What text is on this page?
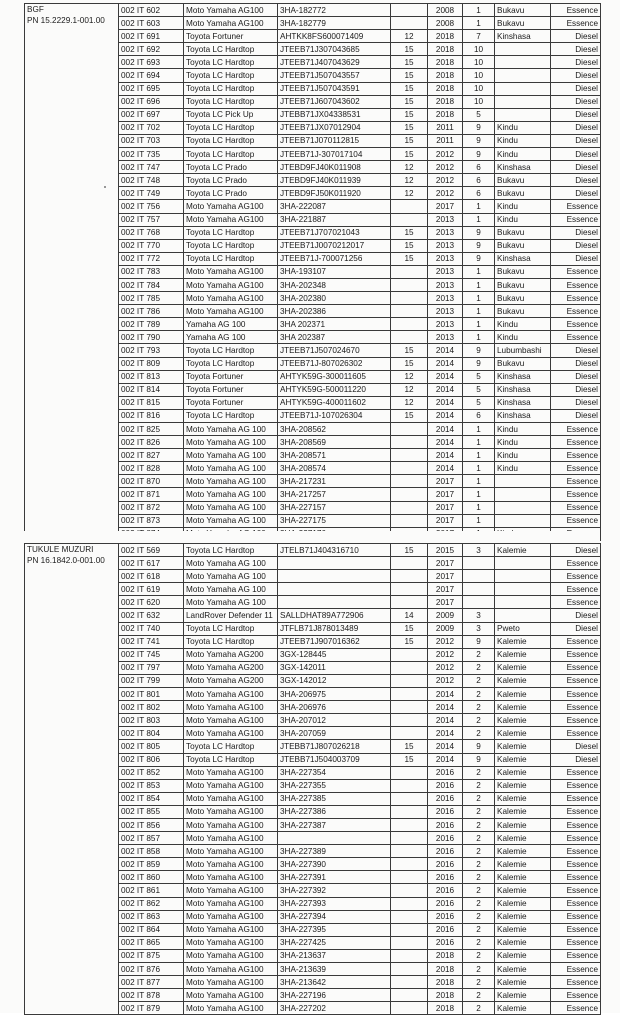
BGF
PN 15.2229.1-001.00	002 IT 602	Moto Yamaha AG100	3HA-182772		2008	1	Bukavu	Essence
	002 IT 603	Moto Yamaha AG100	3HA-182779		2008	1	Bukavu	Essence
	002 IT 691	Toyota Fortuner	AHTKK8FS600071409	12	2018	7	Kinshasa	Diesel
	002 IT 692	Toyota LC Hardtop	JTEEB71J307043685	15	2018	10		Diesel
	002 IT 693	Toyota LC Hardtop	JTEEB71J407043629	15	2018	10		Diesel
	002 IT 694	Toyota LC Hardtop	JTEEB71J507043557	15	2018	10		Diesel
	002 IT 695	Toyota LC Hardtop	JTEEB71J507043591	15	2018	10		Diesel
	002 IT 696	Toyota LC Hardtop	JTEEB71J607043602	15	2018	10		Diesel
	002 IT 697	Toyota LC Pick Up	JTEBB71JX04338531	15	2018	5		Diesel
	002 IT 702	Toyota LC Hardtop	JTEEB71JX07012904	15	2011	9	Kindu	Diesel
	002 IT 703	Toyota LC Hardtop	JTEEB71J070112815	15	2011	9	Kindu	Diesel
	002 IT 735	Toyota LC Hardtop	JTEEB71J-307017104	15	2012	9	Kindu	Diesel
	002 IT 747	Toyota LC Prado	JTEBD9FJ40K011908	12	2012	6	Kinshasa	Diesel
	002 IT 748	Toyota LC Prado	JTEBD9FJ40K011939	12	2012	6	Bukavu	Diesel
	002 IT 749	Toyota LC Prado	JTEBD9FJ50K011920	12	2012	6	Bukavu	Diesel
	002 IT 756	Moto Yamaha AG100	3HA-222087		2017	1	Kindu	Essence
	002 IT 757	Moto Yamaha AG100	3HA-221887		2013	1	Kindu	Essence
	002 IT 768	Toyota LC Hardtop	JTEEB71J707021043	15	2013	9	Bukavu	Diesel
	002 IT 770	Toyota LC Hardtop	JTEEB71J0070212017	15	2013	9	Bukavu	Diesel
	002 IT 772	Toyota LC Hardtop	JTEEB71J-700071256	15	2013	9	Kinshasa	Diesel
	002 IT 783	Moto Yamaha AG100	3HA-193107		2013	1	Bukavu	Essence
	002 IT 784	Moto Yamaha AG100	3HA-202348		2013	1	Bukavu	Essence
	002 IT 785	Moto Yamaha AG100	3HA-202380		2013	1	Bukavu	Essence
	002 IT 786	Moto Yamaha AG100	3HA-202386		2013	1	Bukavu	Essence
	002 IT 789	Yamaha AG 100	3HA 202371		2013	1	Kindu	Essence
	002 IT 790	Yamaha AG 100	3HA 202387		2013	1	Kindu	Essence
	002 IT 793	Toyota LC Hardtop	JTEEB71J507024670	15	2014	9	Lubumbashi	Diesel
	002 IT 809	Toyota LC Hardtop	JTEEB71J-807026302	15	2014	9	Bukavu	Diesel
	002 IT 813	Toyota Fortuner	AHTYK59G-300011605	12	2014	5	Kinshasa	Diesel
	002 IT 814	Toyota Fortuner	AHTYK59G-500011220	12	2014	5	Kinshasa	Diesel
	002 IT 815	Toyota Fortuner	AHTYK59G-400011602	12	2014	5	Kinshasa	Diesel
	002 IT 816	Toyota LC Hardtop	JTEEB71J-107026304	15	2014	6	Kinshasa	Diesel
	002 IT 825	Moto Yamaha AG 100	3HA-208562		2014	1	Kindu	Essence
	002 IT 826	Moto Yamaha AG 100	3HA-208569		2014	1	Kindu	Essence
	002 IT 827	Moto Yamaha AG 100	3HA-208571		2014	1	Kindu	Essence
	002 IT 828	Moto Yamaha AG 100	3HA-208574		2014	1	Kindu	Essence
	002 IT 870	Moto Yamaha AG 100	3HA-217231		2017	1		Essence
	002 IT 871	Moto Yamaha AG 100	3HA-217257		2017	1		Essence
	002 IT 872	Moto Yamaha AG 100	3HA-227157		2017	1		Essence
	002 IT 873	Moto Yamaha AG 100	3HA-227175		2017	1		Essence

TUKULE MUZURI
PN 16.1842.0-001.00	002 IT 569	Toyota LC Hardtop	JTELB71J404316710	15	2015	3	Kalemie	Diesel
	002 IT 617	Moto Yamaha AG 100			2017			Essence
	002 IT 618	Moto Yamaha AG 100			2017			Essence
	002 IT 619	Moto Yamaha AG 100			2017			Essence
	002 IT 620	Moto Yamaha AG 100			2017			Essence
	002 IT 632	LandRover Defender 11	SALLDHAT89A772906	14	2009	3		Diesel
	002 IT 740	Toyota LC Hardtop	JTFLB71J878013489	15	2009	3	Pweto	Diesel
	002 IT 741	Toyota LC Hardtop	JTEEB71J907016362	15	2012	9	Kalemie	Essence
	002 IT 745	Moto Yamaha AG200	3GX-128445		2012	2	Kalemie	Essence
	002 IT 797	Moto Yamaha AG200	3GX-142011		2012	2	Kalemie	Essence
	002 IT 799	Moto Yamaha AG200	3GX-142012		2012	2	Kalemie	Essence
	002 IT 801	Moto Yamaha AG100	3HA-206975		2014	2	Kalemie	Essence
	002 IT 802	Moto Yamaha AG100	3HA-206976		2014	2	Kalemie	Essence
	002 IT 803	Moto Yamaha AG100	3HA-207012		2014	2	Kalemie	Essence
	002 IT 804	Moto Yamaha AG100	3HA-207059		2014	2	Kalemie	Essence
	002 IT 805	Toyota LC Hardtop	JTEBB71J807026218	15	2014	9	Kalemie	Diesel
	002 IT 806	Toyota LC Hardtop	JTEBB71J504003709	15	2014	9	Kalemie	Diesel
	002 IT 852	Moto Yamaha AG100	3HA-227354		2016	2	Kalemie	Essence
	002 IT 853	Moto Yamaha AG100	3HA-227355		2016	2	Kalemie	Essence
	002 IT 854	Moto Yamaha AG100	3HA-227385		2016	2	Kalemie	Essence
	002 IT 855	Moto Yamaha AG100	3HA-227386		2016	2	Kalemie	Essence
	002 IT 856	Moto Yamaha AG100	3HA-227387		2016	2	Kalemie	Essence
	002 IT 857	Moto Yamaha AG100			2016	2	Kalemie	Essence
	002 IT 858	Moto Yamaha AG100	3HA-227389		2016	2	Kalemie	Essence
	002 IT 859	Moto Yamaha AG100	3HA-227390		2016	2	Kalemie	Essence
	002 IT 860	Moto Yamaha AG100	3HA-227391		2016	2	Kalemie	Essence
	002 IT 861	Moto Yamaha AG100	3HA-227392		2016	2	Kalemie	Essence
	002 IT 862	Moto Yamaha AG100	3HA-227393		2016	2	Kalemie	Essence
	002 IT 863	Moto Yamaha AG100	3HA-227394		2016	2	Kalemie	Essence
	002 IT 864	Moto Yamaha AG100	3HA-227395		2016	2	Kalemie	Essence
	002 IT 865	Moto Yamaha AG100	3HA-227425		2016	2	Kalemie	Essence
	002 IT 875	Moto Yamaha AG100	3HA-213637		2018	2	Kalemie	Essence
	002 IT 876	Moto Yamaha AG100	3HA-213639		2018	2	Kalemie	Essence
	002 IT 877	Moto Yamaha AG100	3HA-213642		2018	2	Kalemie	Essence
	002 IT 878	Moto Yamaha AG100	3HA-227196		2018	2	Kalemie	Essence
	002 IT 879	Moto Yamaha AG100	3HA-227202		2018	2	Kalemie	Essence
